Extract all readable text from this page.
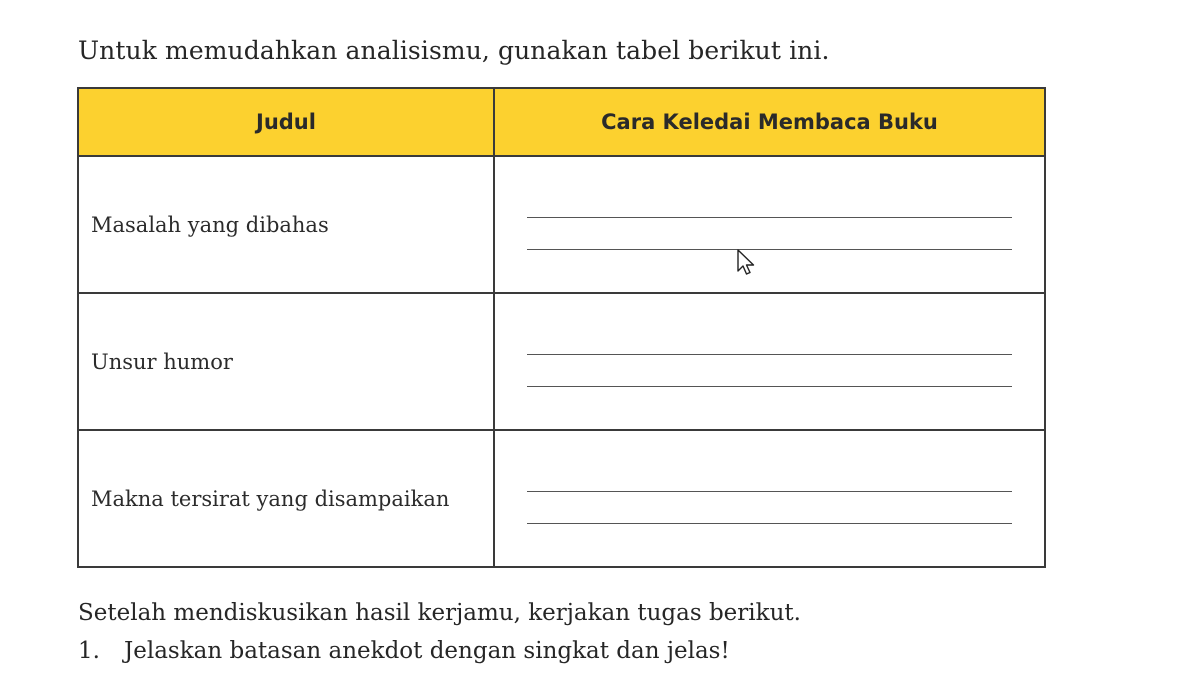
Untuk memudahkan analisismu, gunakan tabel berikut ini.

Judul	Cara Keledai Membaca Buku
Masalah yang dibahas	

Unsur humor	

Makna tersirat yang disampaikan	

Setelah mendiskusikan hasil kerjamu, kerjakan tugas berikut.

1. Jelaskan batasan anekdot dengan singkat dan jelas!
